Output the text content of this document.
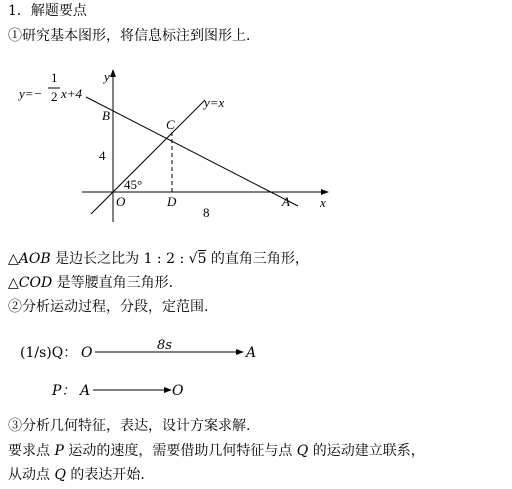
1．解题要点
①研究基本图形，将信息标注到图形上．
y=−
1
2 x+4
y=x
y
x
B
C
O	D	A
4
45°
8
△AOB 是边长之比为 1 : 2 : √5 的直角三角形，
△COD 是等腰直角三角形.
②分析运动过程，分段，定范围.
(1/s)Q： O	8s	A
P： A	O
③分析几何特征，表达，设计方案求解.
要求点 P 运动的速度，需要借助几何特征与点 Q 的运动建立联系，
从动点 Q 的表达开始.
